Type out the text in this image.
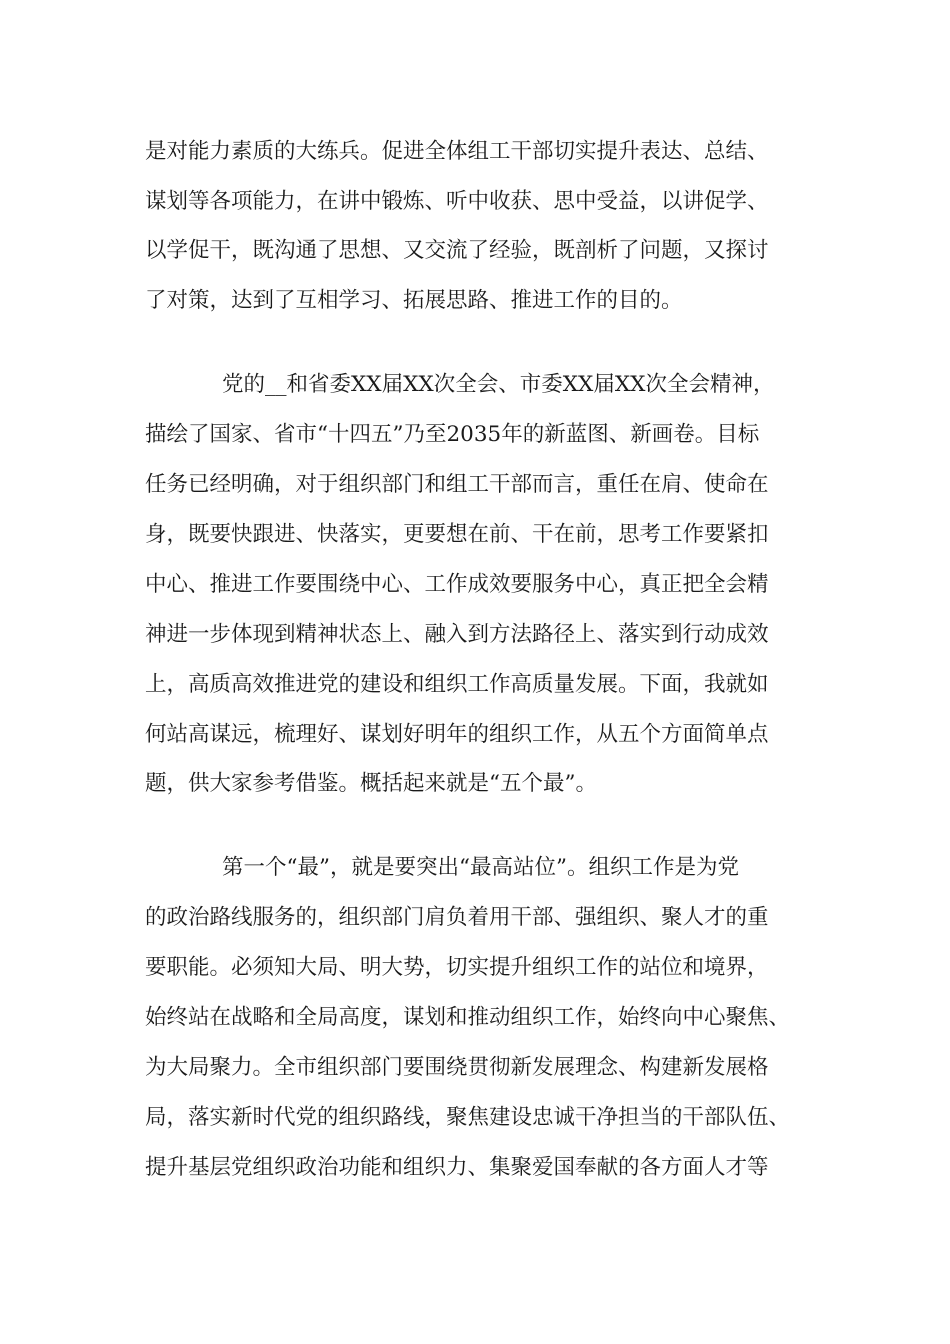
是对能力素质的大练兵。促进全体组工干部切实提升表达、总结、
谋划等各项能力，在讲中锻炼、听中收获、思中受益，以讲促学、
以学促干，既沟通了思想、又交流了经验，既剖析了问题，又探讨
了对策，达到了互相学习、拓展思路、推进工作的目的。
党的__和省委XX届XX次全会、市委XX届XX次全会精神，
描绘了国家、省市“十四五”乃至2035年的新蓝图、新画卷。目标
任务已经明确，对于组织部门和组工干部而言，重任在肩、使命在
身，既要快跟进、快落实，更要想在前、干在前，思考工作要紧扣
中心、推进工作要围绕中心、工作成效要服务中心，真正把全会精
神进一步体现到精神状态上、融入到方法路径上、落实到行动成效
上，高质高效推进党的建设和组织工作高质量发展。下面，我就如
何站高谋远，梳理好、谋划好明年的组织工作，从五个方面简单点
题，供大家参考借鉴。概括起来就是“五个最”。
第一个“最”，就是要突出“最高站位”。组织工作是为党
的政治路线服务的，组织部门肩负着用干部、强组织、聚人才的重
要职能。必须知大局、明大势，切实提升组织工作的站位和境界，
始终站在战略和全局高度，谋划和推动组织工作，始终向中心聚焦、
为大局聚力。全市组织部门要围绕贯彻新发展理念、构建新发展格
局，落实新时代党的组织路线，聚焦建设忠诚干净担当的干部队伍、
提升基层党组织政治功能和组织力、集聚爱国奉献的各方面人才等
